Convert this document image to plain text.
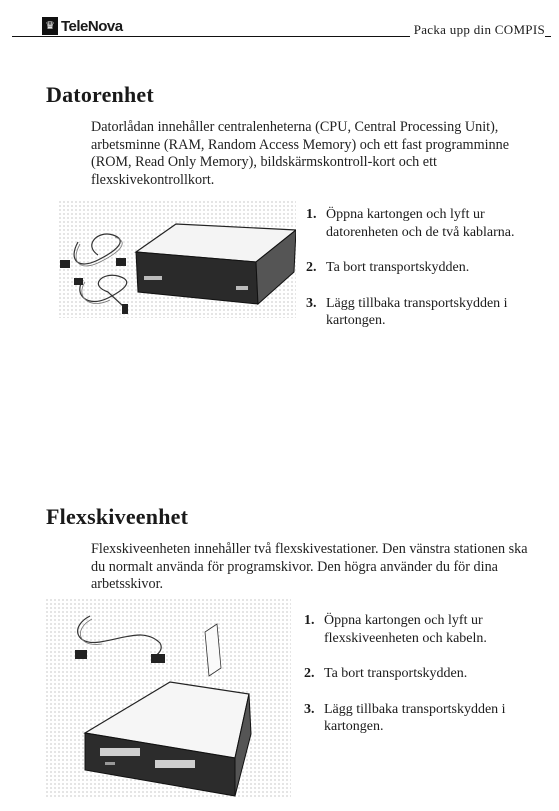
♛ TeleNova	Packa upp din COMPIS
Datorenhet

Datorlådan innehåller centralenheterna (CPU, Central Processing Unit), arbetsminne (RAM, Random Access Memory) och ett fast programminne (ROM, Read Only Memory), bildskärmskontroll-kort och ett flexskivekontrollkort.

1. Öppna kartongen och lyft ur datorenheten och de två kablarna.
2. Ta bort transportskydden.
3. Lägg tillbaka transportskydden i kartongen.
Flexskiveenhet

Flexskiveenheten innehåller två flexskivestationer. Den vänstra stationen ska du normalt använda för programskivor. Den högra använder du för dina arbetsskivor.

1. Öppna kartongen och lyft ur flexskiveenheten och kabeln.
2. Ta bort transportskydden.
3. Lägg tillbaka transportskydden i kartongen.
